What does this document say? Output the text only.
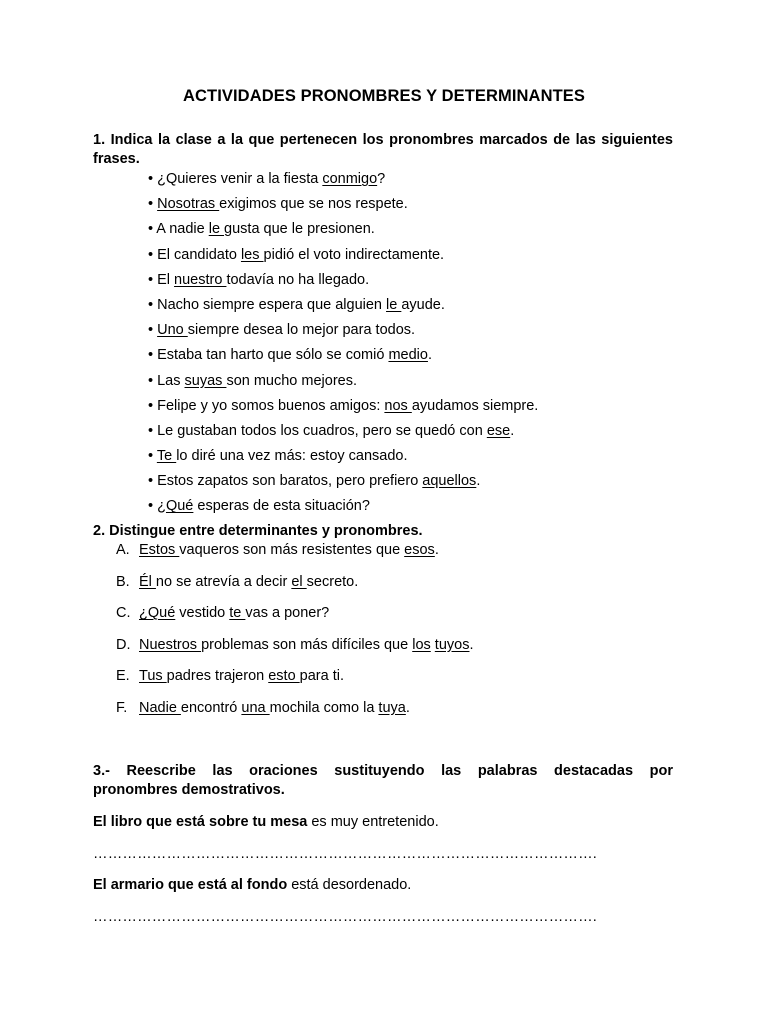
ACTIVIDADES PRONOMBRES Y DETERMINANTES
1. Indica la clase a la que pertenecen los pronombres marcados de las siguientes frases.
• ¿Quieres venir a la fiesta conmigo?
• Nosotras exigimos que se nos respete.
• A nadie le gusta que le presionen.
• El candidato les pidió el voto indirectamente.
• El nuestro todavía no ha llegado.
• Nacho siempre espera que alguien le ayude.
• Uno siempre desea lo mejor para todos.
• Estaba tan harto que sólo se comió medio.
• Las suyas son mucho mejores.
• Felipe y yo somos buenos amigos: nos ayudamos siempre.
• Le gustaban todos los cuadros, pero se quedó con ese.
• Te lo diré una vez más: estoy cansado.
• Estos zapatos son baratos, pero prefiero aquellos.
• ¿Qué esperas de esta situación?
2. Distingue entre determinantes y pronombres.
A. Estos vaqueros son más resistentes que esos.
B. Él no se atrevía a decir el secreto.
C. ¿Qué vestido te vas a poner?
D. Nuestros problemas son más difíciles que los tuyos.
E. Tus padres trajeron esto para ti.
F. Nadie encontró una mochila como la tuya.
3.- Reescribe las oraciones sustituyendo las palabras destacadas por
pronombres demostrativos.
El libro que está sobre tu mesa es muy entretenido.
………………………………………………………………………………………….
El armario que está al fondo está desordenado.
………………………………………………………………………………………….
